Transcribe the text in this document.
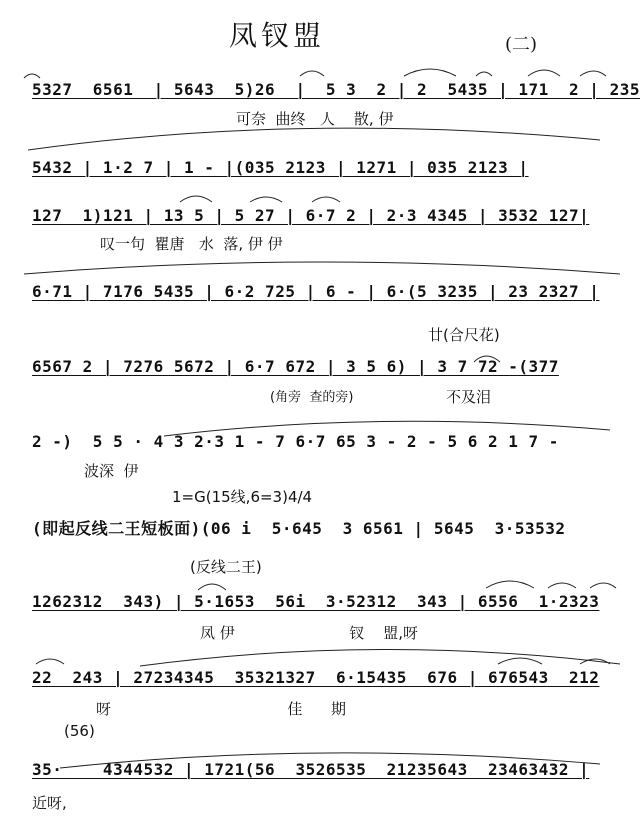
凤钗盟	(二)
5327  6561  | 5643  5)26  |  5 3  2 | 2  5435 | 171  2 | 235
可奈  曲终   人    散, 伊
5432 | 1·2 7 | 1 - |(035 2123 | 1271 | 035 2123 |
127  1)121 | 13 5 | 5 27 | 6·7 2 | 2·3 4345 | 3532 127|
叹一句  瞿唐   水  落, 伊 伊
6·71 | 7176 5435 | 6·2 725 | 6 - | 6·(5 3235 | 23 2327 |
廿(合尺花)
6567 2 | 7276 5672 | 6·7 672 | 3 5 6) | 3 7 72 -(377
(角旁  查的旁)	不及泪
2 -)  5 5 · 4 3 2·3 1 - 7 6·7 65 3 - 2 - 5 6 2 1 7 -
波深  伊
1=G(15线,6=3)4/4
(即起反线二王短板面)(06 i  5·645  3 6561 | 5645  3·53532
(反线二王)
1262312  343) | 5·1653  56i  3·52312  343 | 6556  1·2323
凤 伊                        钗    盟,呀
22  243 | 27234345  35321327  6·15435  676 | 676543  212
呀                                     佳      期
(56)
35·    4344532 | 1721(56  3526535  21235643  23463432 |
近呀,
